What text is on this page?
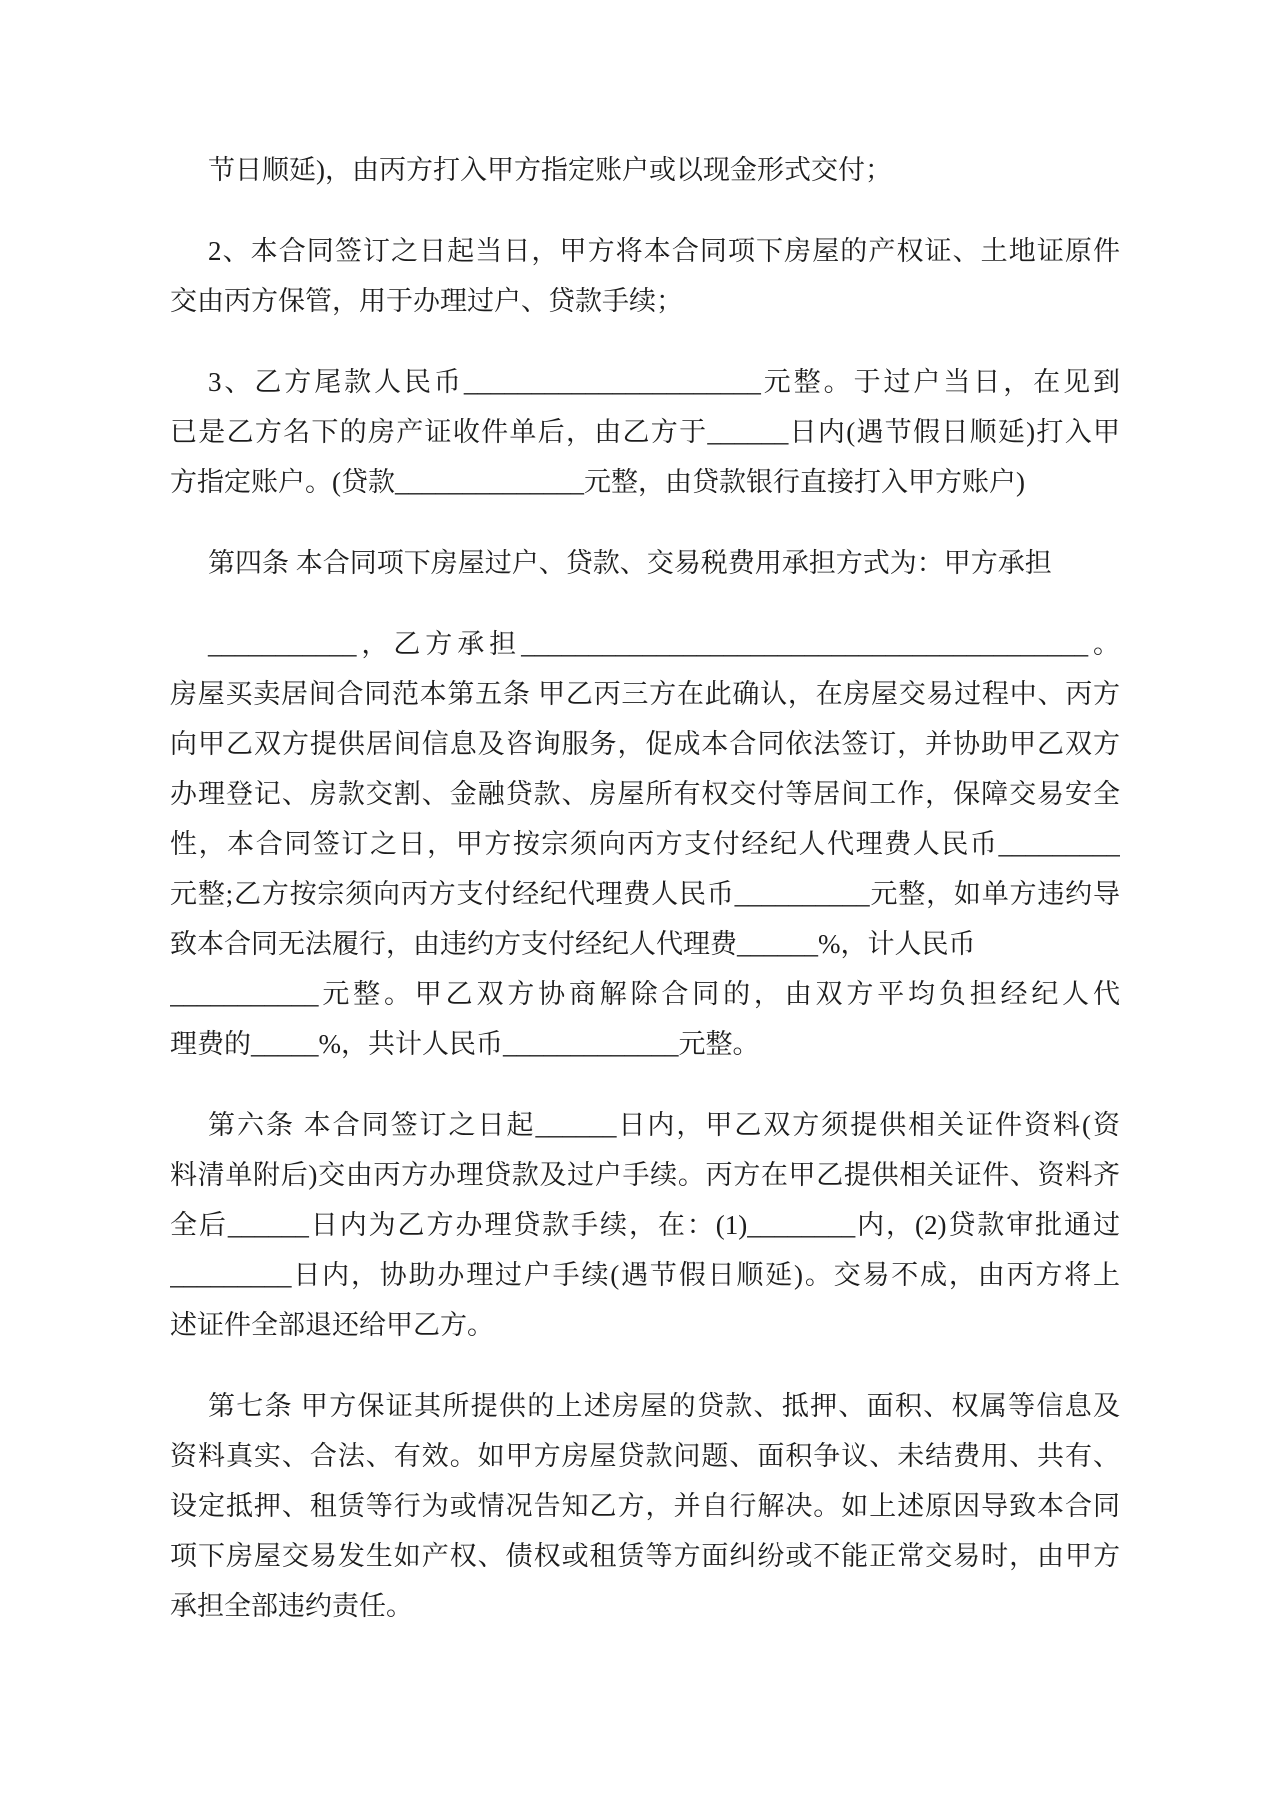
节日顺延)，由丙方打入甲方指定账户或以现金形式交付；
2、本合同签订之日起当日，甲方将本合同项下房屋的产权证、土地证原件
交由丙方保管，用于办理过户、贷款手续；
3、乙方尾款人民币______________________元整。于过户当日，在见到
已是乙方名下的房产证收件单后，由乙方于______日内(遇节假日顺延)打入甲
方指定账户。(贷款______________元整，由贷款银行直接打入甲方账户)
第四条 本合同项下房屋过户、贷款、交易税费用承担方式为：甲方承担
___________，乙方承担__________________________________________。
房屋买卖居间合同范本第五条 甲乙丙三方在此确认，在房屋交易过程中、丙方
向甲乙双方提供居间信息及咨询服务，促成本合同依法签订，并协助甲乙双方
办理登记、房款交割、金融贷款、房屋所有权交付等居间工作，保障交易安全
性，本合同签订之日，甲方按宗须向丙方支付经纪人代理费人民币_________
元整;乙方按宗须向丙方支付经纪代理费人民币__________元整，如单方违约导
致本合同无法履行，由违约方支付经纪人代理费______%，计人民币
___________元整。甲乙双方协商解除合同的，由双方平均负担经纪人代
理费的_____%，共计人民币_____________元整。
第六条 本合同签订之日起______日内，甲乙双方须提供相关证件资料(资
料清单附后)交由丙方办理贷款及过户手续。丙方在甲乙提供相关证件、资料齐
全后______日内为乙方办理贷款手续，在：(1)________内，(2)贷款审批通过
_________日内，协助办理过户手续(遇节假日顺延)。交易不成，由丙方将上
述证件全部退还给甲乙方。
第七条 甲方保证其所提供的上述房屋的贷款、抵押、面积、权属等信息及
资料真实、合法、有效。如甲方房屋贷款问题、面积争议、未结费用、共有、
设定抵押、租赁等行为或情况告知乙方，并自行解决。如上述原因导致本合同
项下房屋交易发生如产权、债权或租赁等方面纠纷或不能正常交易时，由甲方
承担全部违约责任。
